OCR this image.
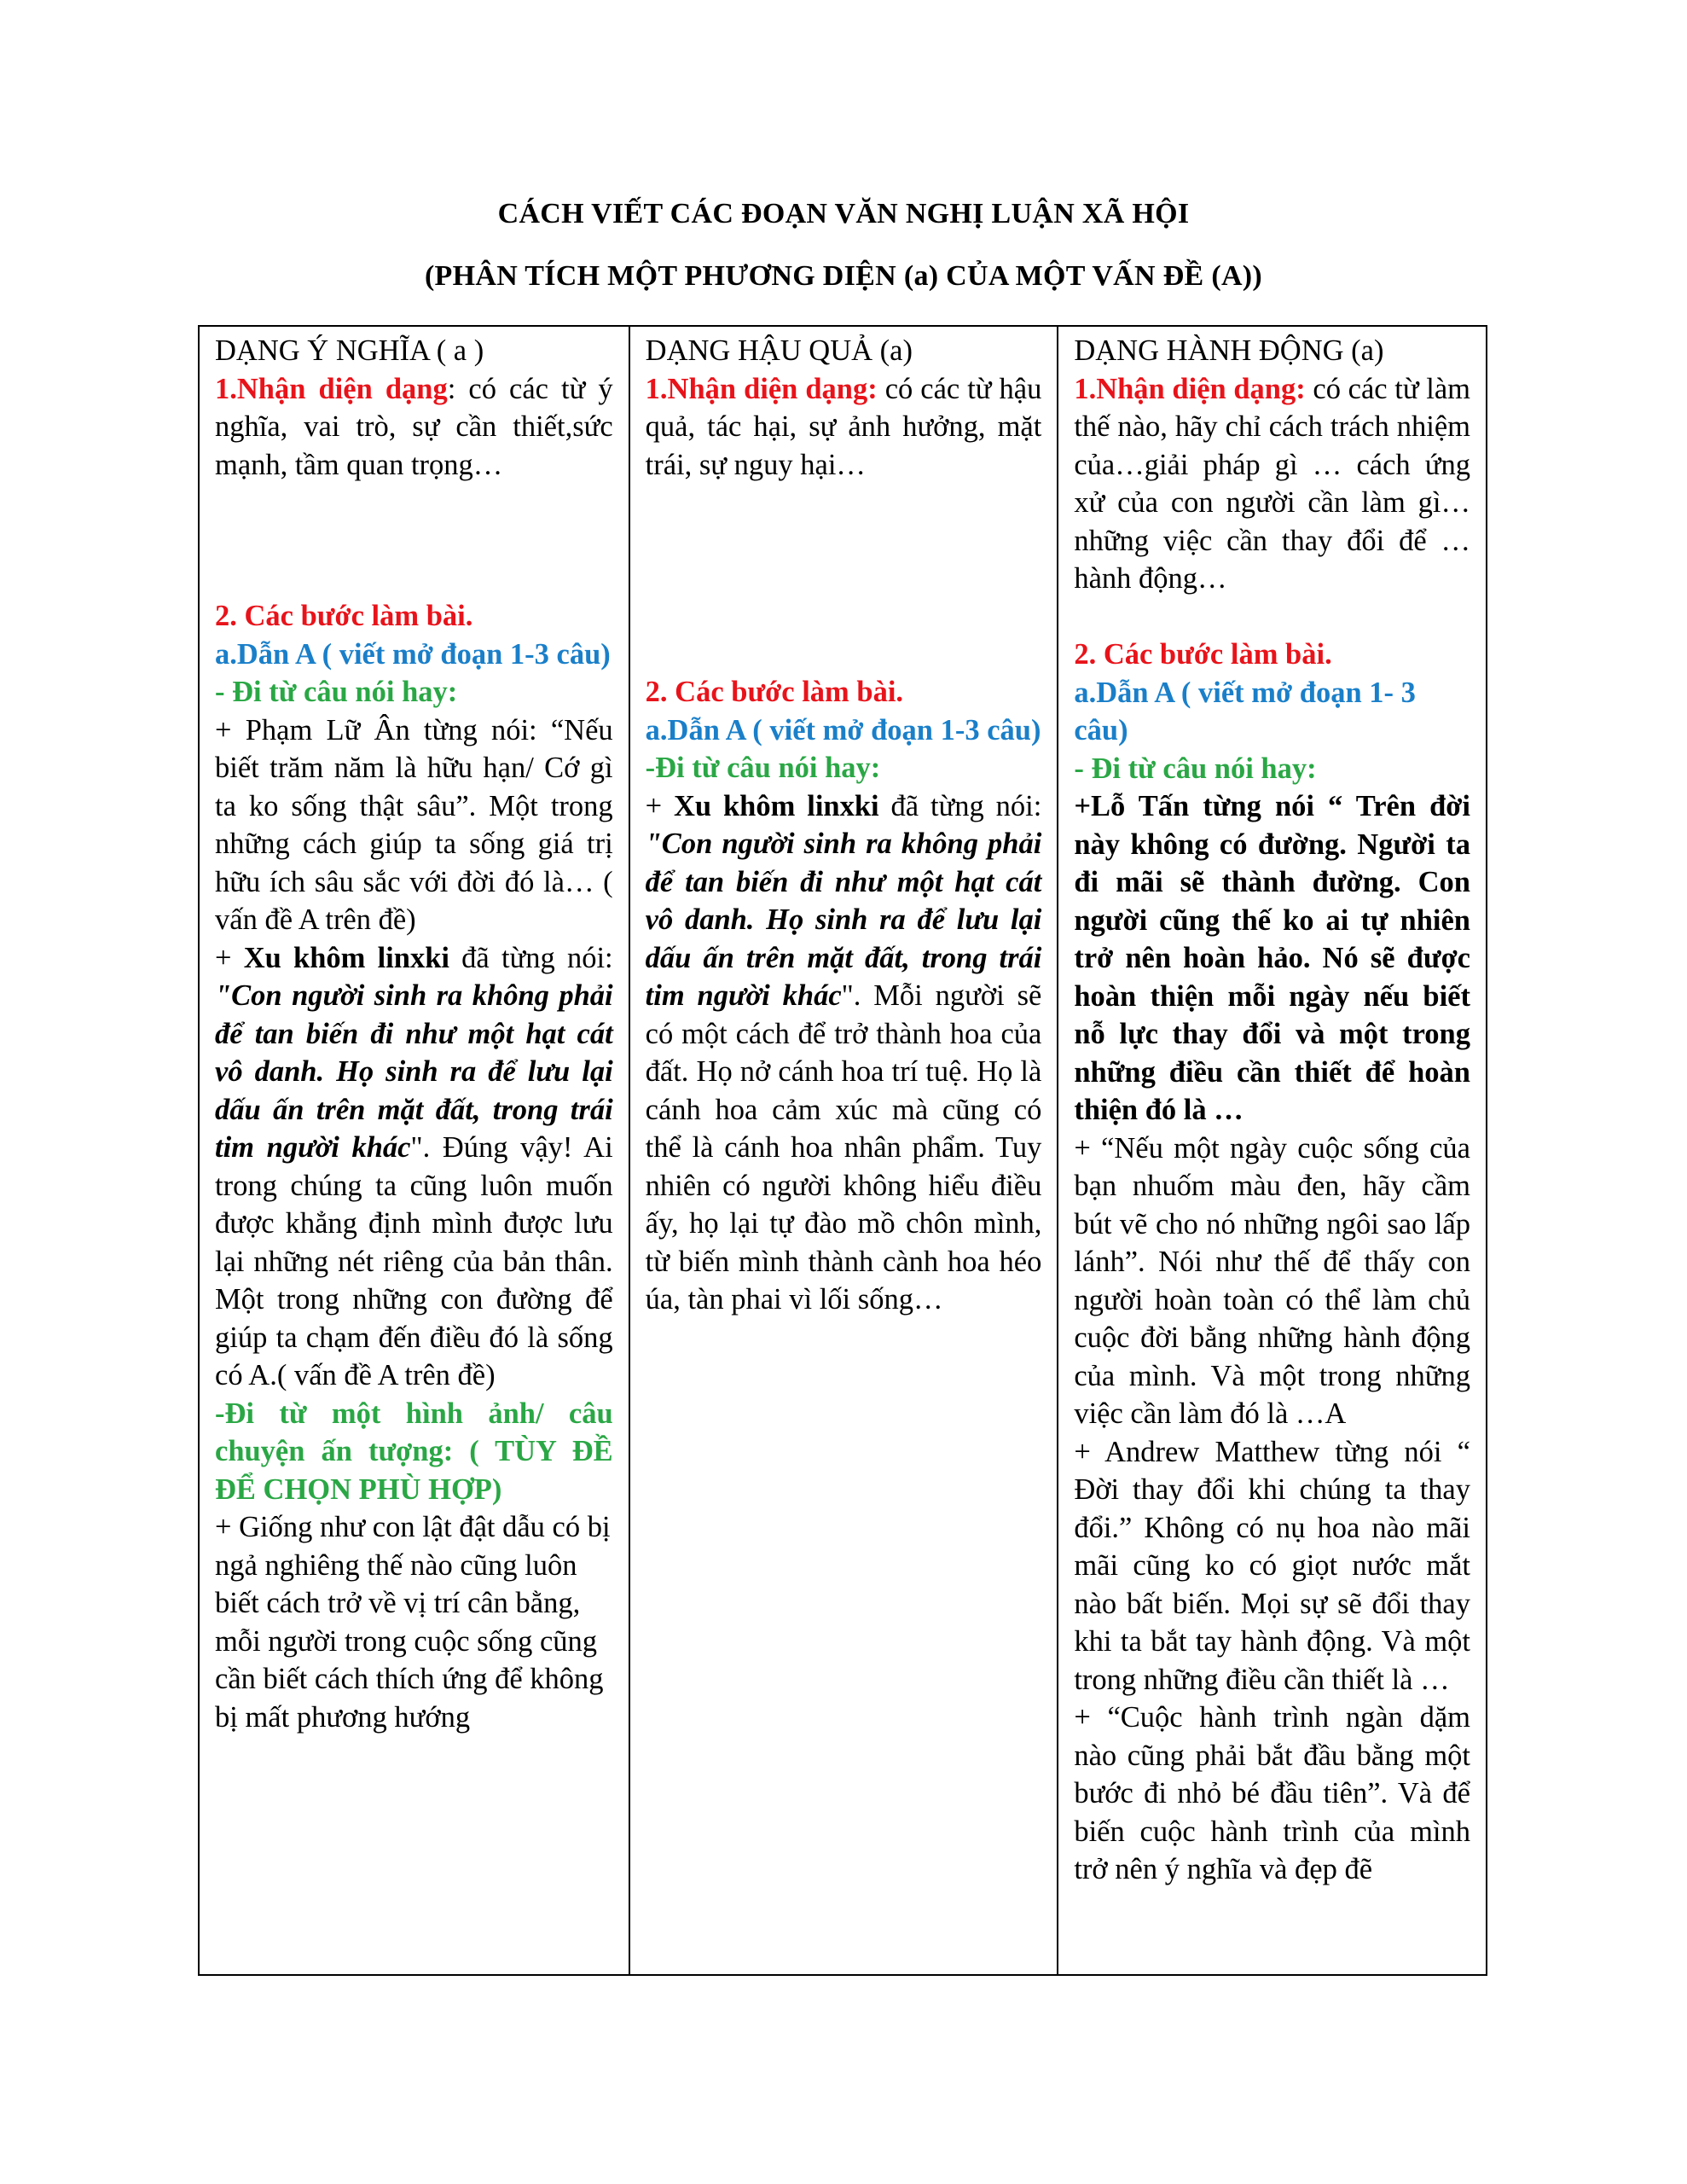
CÁCH VIẾT CÁC ĐOẠN VĂN NGHỊ LUẬN XÃ HỘI
(PHÂN TÍCH MỘT PHƯƠNG DIỆN (a) CỦA MỘT VẤN ĐỀ (A))

DẠNG Ý NGHĨA ( a )

1.Nhận diện dạng: có các từ ý nghĩa, vai trò, sự cần thiết,sức mạnh, tầm quan trọng…

2. Các bước làm bài.

a.Dẫn A ( viết mở đoạn 1-3 câu)

- Đi từ câu nói hay:

+ Phạm Lữ Ân từng nói: “Nếu biết trăm năm là hữu hạn/ Cớ gì ta ko sống thật sâu”. Một trong những cách giúp ta sống giá trị hữu ích sâu sắc với đời đó là… ( vấn đề A trên đề)

+ Xu khôm linxki đã từng nói: "Con người sinh ra không phải để tan biến đi như một hạt cát vô danh. Họ sinh ra để lưu lại dấu ấn trên mặt đất, trong trái tim người khác". Đúng vậy! Ai trong chúng ta cũng luôn muốn được khẳng định mình được lưu lại những nét riêng của bản thân. Một trong những con đường để giúp ta chạm đến điều đó là sống có A.( vấn đề A trên đề)

-Đi từ một hình ảnh/ câu chuyện ấn tượng: ( TÙY ĐỀ ĐỂ CHỌN PHÙ HỢP)

+ Giống như con lật đật dẫu có bị ngả nghiêng thế nào cũng luôn biết cách trở về vị trí cân bằng, mỗi người trong cuộc sống cũng cần biết cách thích ứng để không bị mất phương hướng

DẠNG HẬU QUẢ (a)

1.Nhận diện dạng: có các từ hậu quả, tác hại, sự ảnh hưởng, mặt trái, sự nguy hại…

2. Các bước làm bài.

a.Dẫn A ( viết mở đoạn 1-3 câu)

-Đi từ câu nói hay:

+ Xu khôm linxki đã từng nói: "Con người sinh ra không phải để tan biến đi như một hạt cát vô danh. Họ sinh ra để lưu lại dấu ấn trên mặt đất, trong trái tim người khác". Mỗi người sẽ có một cách để trở thành hoa của đất. Họ nở cánh hoa trí tuệ. Họ là cánh hoa cảm xúc mà cũng có thể là cánh hoa nhân phẩm. Tuy nhiên có người không hiểu điều ấy, họ lại tự đào mồ chôn mình, từ biến mình thành cành hoa héo úa, tàn phai vì lối sống…

DẠNG HÀNH ĐỘNG (a)

1.Nhận diện dạng: có các từ làm thế nào, hãy chỉ cách trách nhiệm của…giải pháp gì … cách ứng xử của con người cần làm gì…những việc cần thay đổi để …hành động…

2. Các bước làm bài.

a.Dẫn A ( viết mở đoạn 1- 3 câu)

- Đi từ câu nói hay:

+Lỗ Tấn từng nói “ Trên đời này không có đường. Người ta đi mãi sẽ thành đường. Con người cũng thế ko ai tự nhiên trở nên hoàn hảo. Nó sẽ được hoàn thiện mỗi ngày nếu biết nỗ lực thay đổi và một trong những điều cần thiết để hoàn thiện đó là …

+ “Nếu một ngày cuộc sống của bạn nhuốm màu đen, hãy cầm bút vẽ cho nó những ngôi sao lấp lánh”. Nói như thế để thấy con người hoàn toàn có thể làm chủ cuộc đời bằng những hành động của mình. Và một trong những việc cần làm đó là …A

+ Andrew Matthew từng nói “ Đời thay đổi khi chúng ta thay đổi.” Không có nụ hoa nào mãi mãi cũng ko có giọt nước mắt nào bất biến. Mọi sự sẽ đổi thay khi ta bắt tay hành động. Và một trong những điều cần thiết là …

+ “Cuộc hành trình ngàn dặm nào cũng phải bắt đầu bằng một bước đi nhỏ bé đầu tiên”. Và để biến cuộc hành trình của mình trở nên ý nghĩa và đẹp đẽ
